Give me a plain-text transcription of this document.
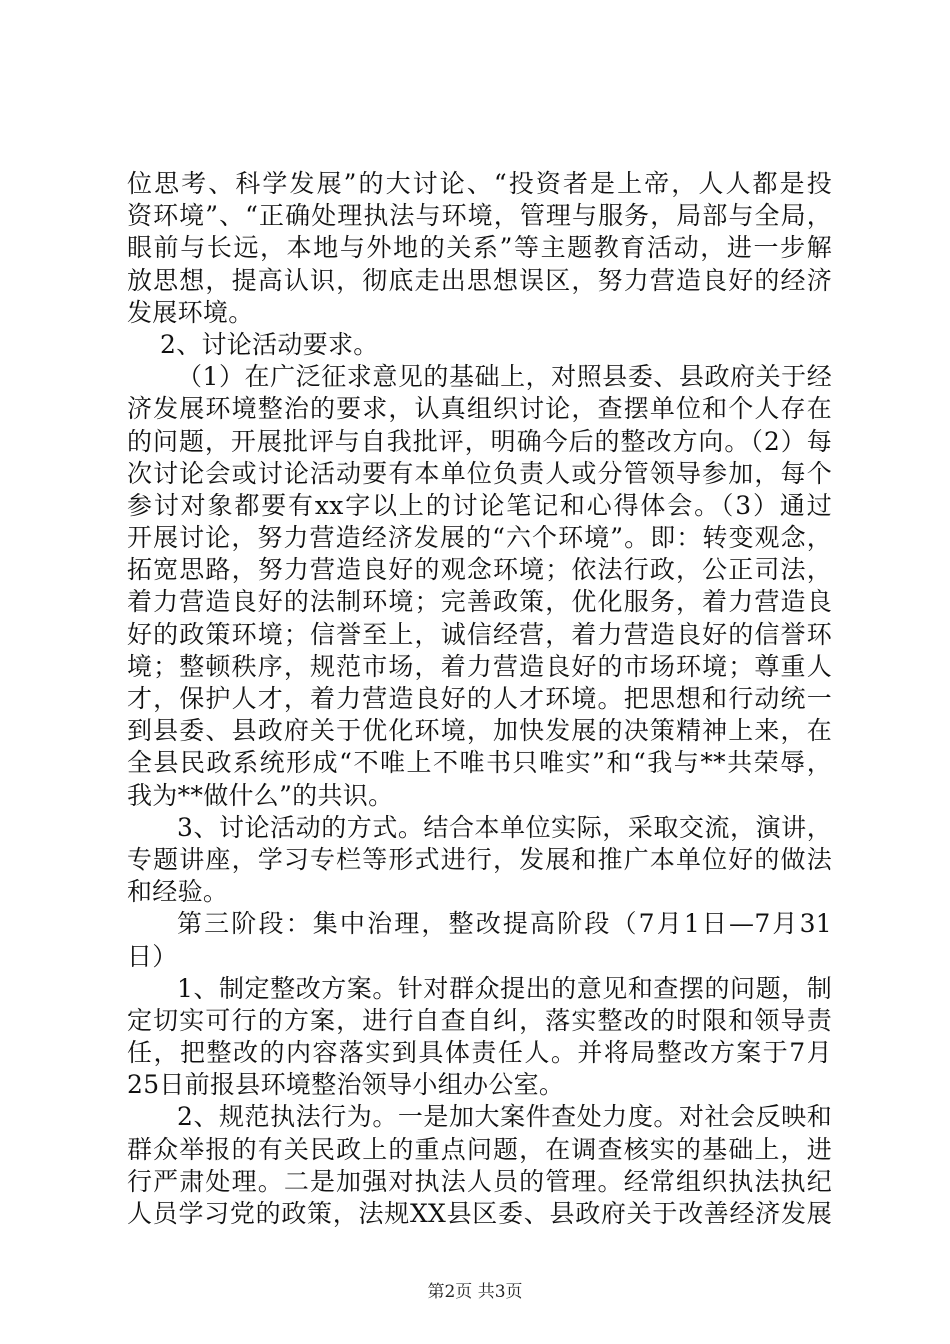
位思考、科学发展”的大讨论、“投资者是上帝，人人都是投
资环境”、“正确处理执法与环境，管理与服务，局部与全局，
眼前与长远，本地与外地的关系”等主题教育活动，进一步解
放思想，提高认识，彻底走出思想误区，努力营造良好的经济
发展环境。
2、讨论活动要求。
（1）在广泛征求意见的基础上，对照县委、县政府关于经
济发展环境整治的要求，认真组织讨论，查摆单位和个人存在
的问题，开展批评与自我批评，明确今后的整改方向。（2）每
次讨论会或讨论活动要有本单位负责人或分管领导参加，每个
参讨对象都要有xx字以上的讨论笔记和心得体会。（3）通过
开展讨论，努力营造经济发展的“六个环境”。即：转变观念，
拓宽思路，努力营造良好的观念环境；依法行政，公正司法，
着力营造良好的法制环境；完善政策，优化服务，着力营造良
好的政策环境；信誉至上，诚信经营，着力营造良好的信誉环
境；整顿秩序，规范市场，着力营造良好的市场环境；尊重人
才，保护人才，着力营造良好的人才环境。把思想和行动统一
到县委、县政府关于优化环境，加快发展的决策精神上来，在
全县民政系统形成“不唯上不唯书只唯实”和“我与**共荣辱，
我为**做什么”的共识。
3、讨论活动的方式。结合本单位实际，采取交流，演讲，
专题讲座，学习专栏等形式进行，发展和推广本单位好的做法
和经验。
第三阶段：集中治理，整改提高阶段（7月1日—7月31
日）
1、制定整改方案。针对群众提出的意见和查摆的问题，制
定切实可行的方案，进行自查自纠，落实整改的时限和领导责
任，把整改的内容落实到具体责任人。并将局整改方案于7月
25日前报县环境整治领导小组办公室。
2、规范执法行为。一是加大案件查处力度。对社会反映和
群众举报的有关民政上的重点问题，在调查核实的基础上，进
行严肃处理。二是加强对执法人员的管理。经常组织执法执纪
人员学习党的政策，法规XX县区委、县政府关于改善经济发展
第2页 共3页
